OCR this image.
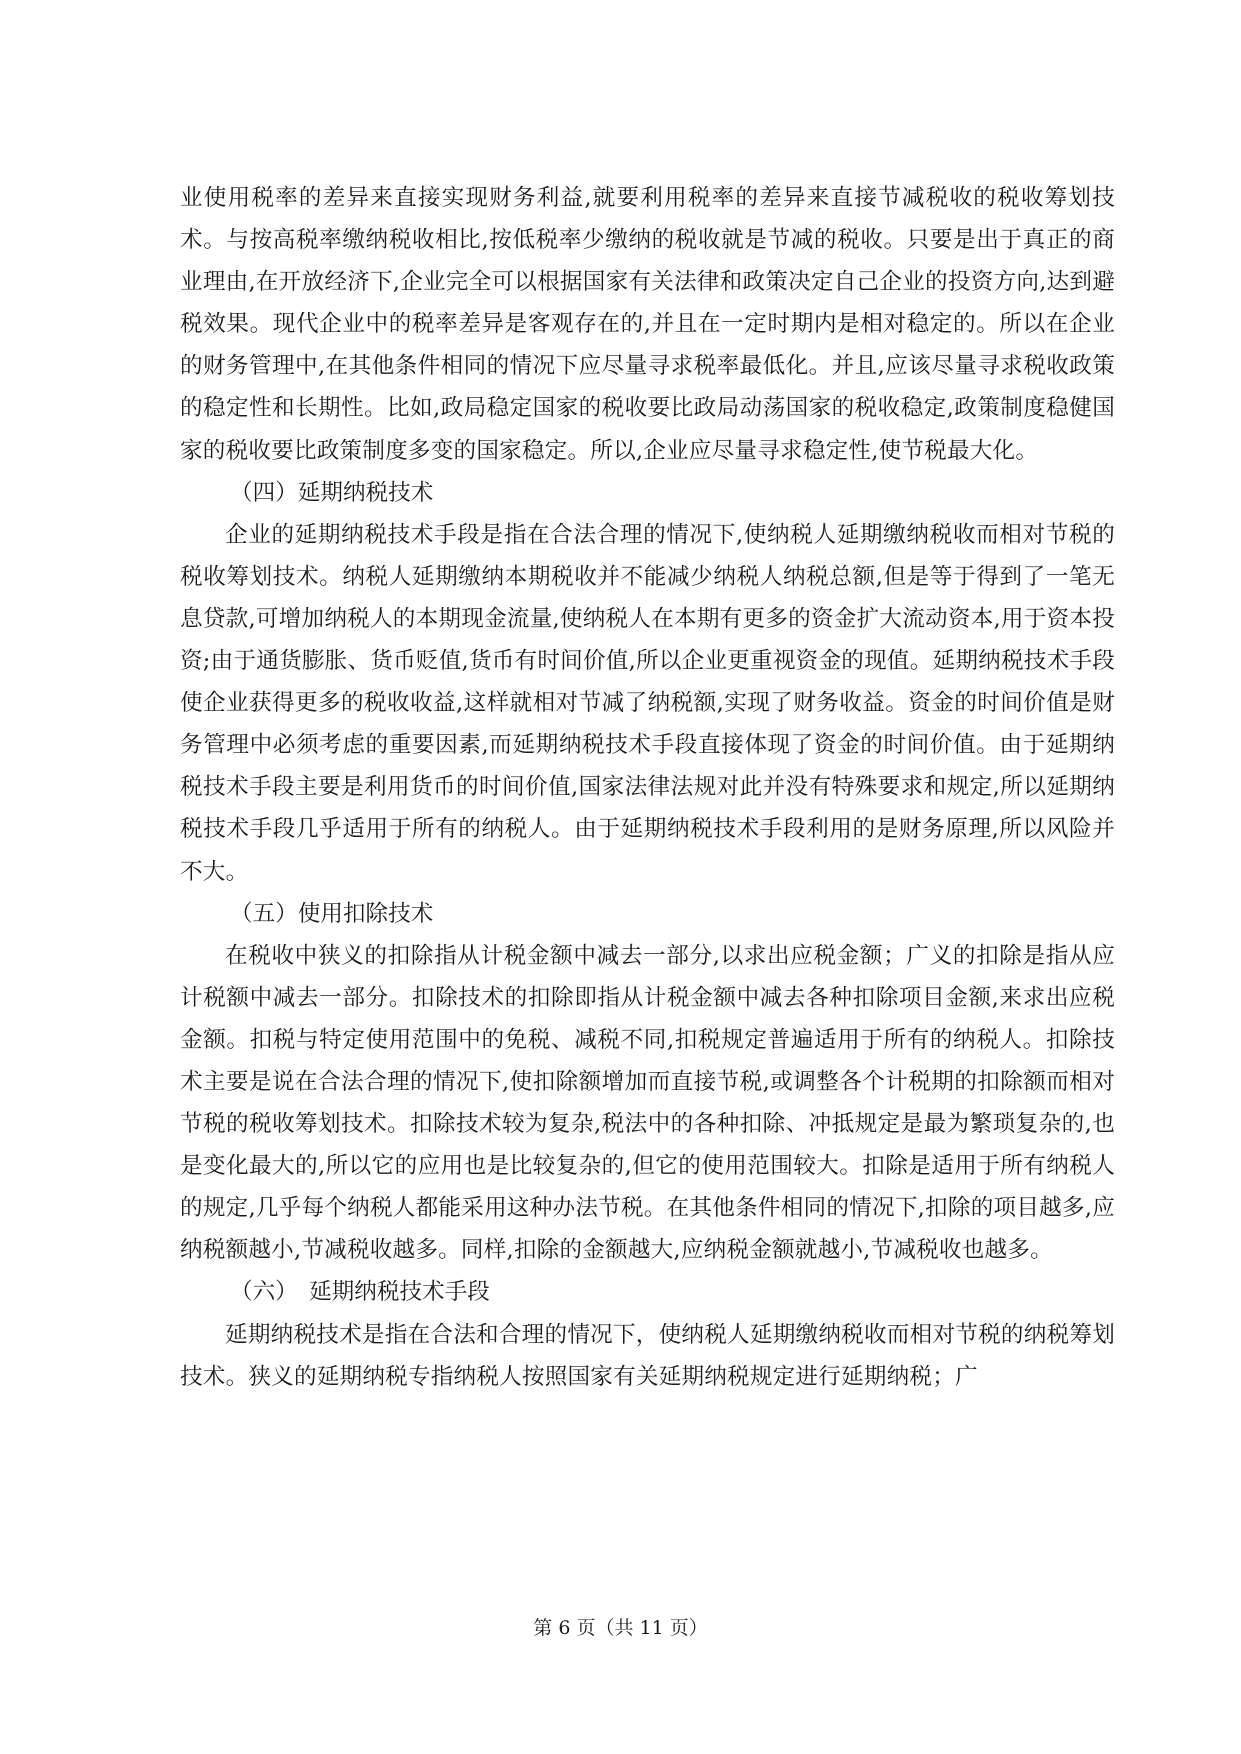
业使用税率的差异来直接实现财务利益,就要利用税率的差异来直接节减税收的税收筹划技术。与按高税率缴纳税收相比,按低税率少缴纳的税收就是节减的税收。只要是出于真正的商业理由,在开放经济下,企业完全可以根据国家有关法律和政策决定自己企业的投资方向,达到避税效果。现代企业中的税率差异是客观存在的,并且在一定时期内是相对稳定的。所以在企业的财务管理中,在其他条件相同的情况下应尽量寻求税率最低化。并且,应该尽量寻求税收政策的稳定性和长期性。比如,政局稳定国家的税收要比政局动荡国家的税收稳定,政策制度稳健国家的税收要比政策制度多变的国家稳定。所以,企业应尽量寻求稳定性,使节税最大化。

（四）延期纳税技术

企业的延期纳税技术手段是指在合法合理的情况下,使纳税人延期缴纳税收而相对节税的税收筹划技术。纳税人延期缴纳本期税收并不能减少纳税人纳税总额,但是等于得到了一笔无息贷款,可增加纳税人的本期现金流量,使纳税人在本期有更多的资金扩大流动资本,用于资本投资;由于通货膨胀、货币贬值,货币有时间价值,所以企业更重视资金的现值。延期纳税技术手段使企业获得更多的税收收益,这样就相对节减了纳税额,实现了财务收益。资金的时间价值是财务管理中必须考虑的重要因素,而延期纳税技术手段直接体现了资金的时间价值。由于延期纳税技术手段主要是利用货币的时间价值,国家法律法规对此并没有特殊要求和规定,所以延期纳税技术手段几乎适用于所有的纳税人。由于延期纳税技术手段利用的是财务原理,所以风险并不大。

（五）使用扣除技术

在税收中狭义的扣除指从计税金额中减去一部分,以求出应税金额；广义的扣除是指从应计税额中减去一部分。扣除技术的扣除即指从计税金额中减去各种扣除项目金额,来求出应税金额。扣税与特定使用范围中的免税、减税不同,扣税规定普遍适用于所有的纳税人。扣除技术主要是说在合法合理的情况下,使扣除额增加而直接节税,或调整各个计税期的扣除额而相对节税的税收筹划技术。扣除技术较为复杂,税法中的各种扣除、冲抵规定是最为繁琐复杂的,也是变化最大的,所以它的应用也是比较复杂的,但它的使用范围较大。扣除是适用于所有纳税人的规定,几乎每个纳税人都能采用这种办法节税。在其他条件相同的情况下,扣除的项目越多,应纳税额越小,节减税收越多。同样,扣除的金额越大,应纳税金额就越小,节减税收也越多。

（六）　延期纳税技术手段

延期纳税技术是指在合法和合理的情况下，使纳税人延期缴纳税收而相对节税的纳税筹划技术。狭义的延期纳税专指纳税人按照国家有关延期纳税规定进行延期纳税；广

第 6 页（共 11 页）
